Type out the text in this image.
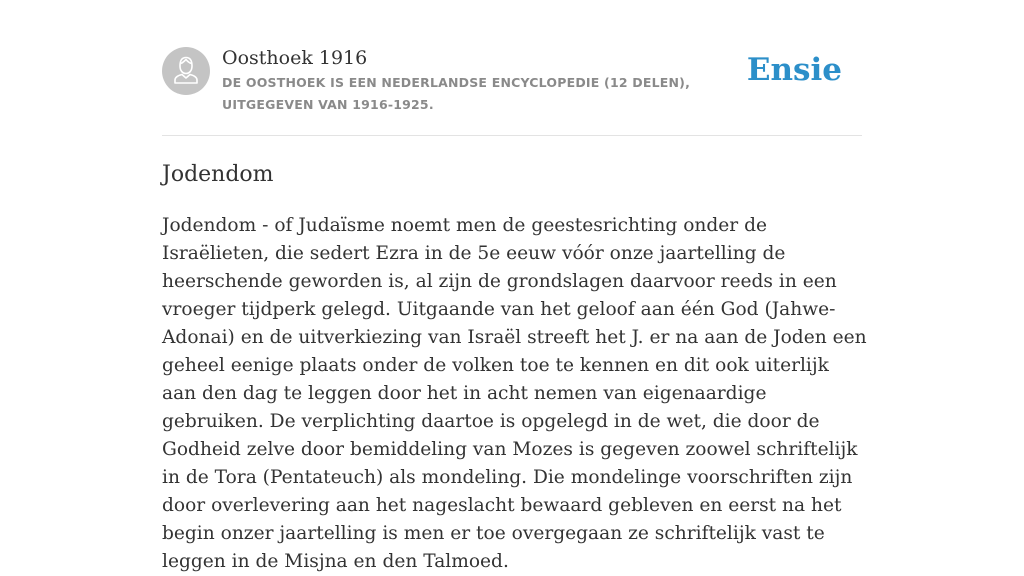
Oosthoek 1916
DE OOSTHOEK IS EEN NEDERLANDSE ENCYCLOPEDIE (12 DELEN), UITGEGEVEN VAN 1916-1925.
Ensie
Jodendom

Jodendom - of Judaïsme noemt men de geestesrichting onder de Israëlieten, die sedert Ezra in de 5e eeuw vóór onze jaartelling de heerschende geworden is, al zijn de grondslagen daarvoor reeds in een vroeger tijdperk gelegd. Uitgaande van het geloof aan één God (Jahwe-Adonai) en de uitverkiezing van Israël streeft het J. er na aan de Joden een geheel eenige plaats onder de volken toe te kennen en dit ook uiterlijk aan den dag te leggen door het in acht nemen van eigenaardige gebruiken. De verplichting daartoe is opgelegd in de wet, die door de Godheid zelve door bemiddeling van Mozes is gegeven zoowel schriftelijk in de Tora (Pentateuch) als mondeling. Die mondelinge voorschriften zijn door overlevering aan het nageslacht bewaard gebleven en eerst na het begin onzer jaartelling is men er toe overgegaan ze schriftelijk vast te leggen in de Misjna en den Talmoed.
